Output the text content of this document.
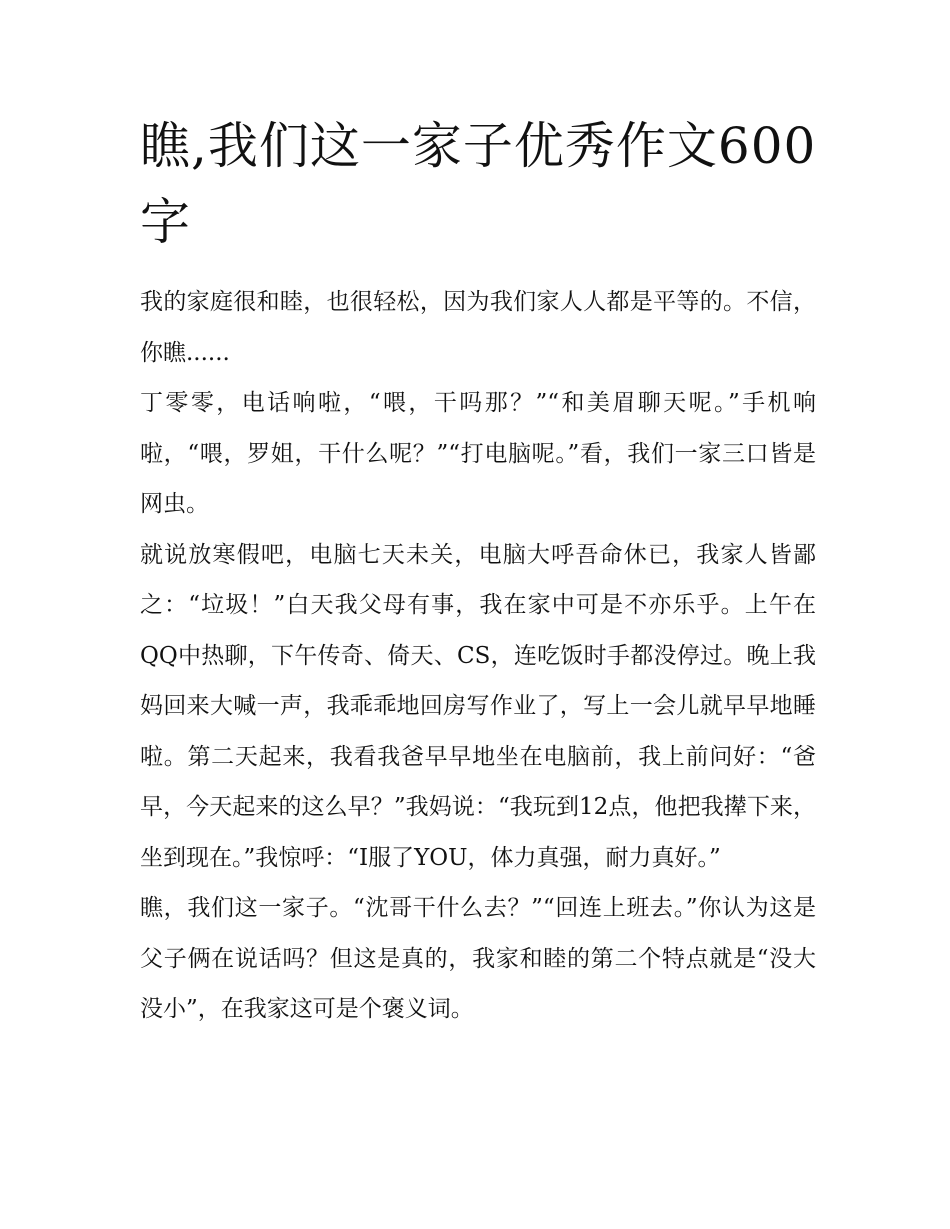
瞧,我们这一家子优秀作文600字

我的家庭很和睦，也很轻松，因为我们家人人都是平等的。不信，你瞧......

丁零零，电话响啦，“喂，干吗那？”“和美眉聊天呢。”手机响啦，“喂，罗姐，干什么呢？”“打电脑呢。”看，我们一家三口皆是网虫。

就说放寒假吧，电脑七天未关，电脑大呼吾命休已，我家人皆鄙之：“垃圾！”白天我父母有事，我在家中可是不亦乐乎。上午在QQ中热聊，下午传奇、倚天、CS，连吃饭时手都没停过。晚上我妈回来大喊一声，我乖乖地回房写作业了，写上一会儿就早早地睡啦。第二天起来，我看我爸早早地坐在电脑前，我上前问好：“爸早，今天起来的这么早？”我妈说：“我玩到12点，他把我撵下来，坐到现在。”我惊呼：“I服了YOU，体力真强，耐力真好。”

瞧，我们这一家子。“沈哥干什么去？”“回连上班去。”你认为这是父子俩在说话吗？但这是真的，我家和睦的第二个特点就是“没大没小”，在我家这可是个褒义词。
